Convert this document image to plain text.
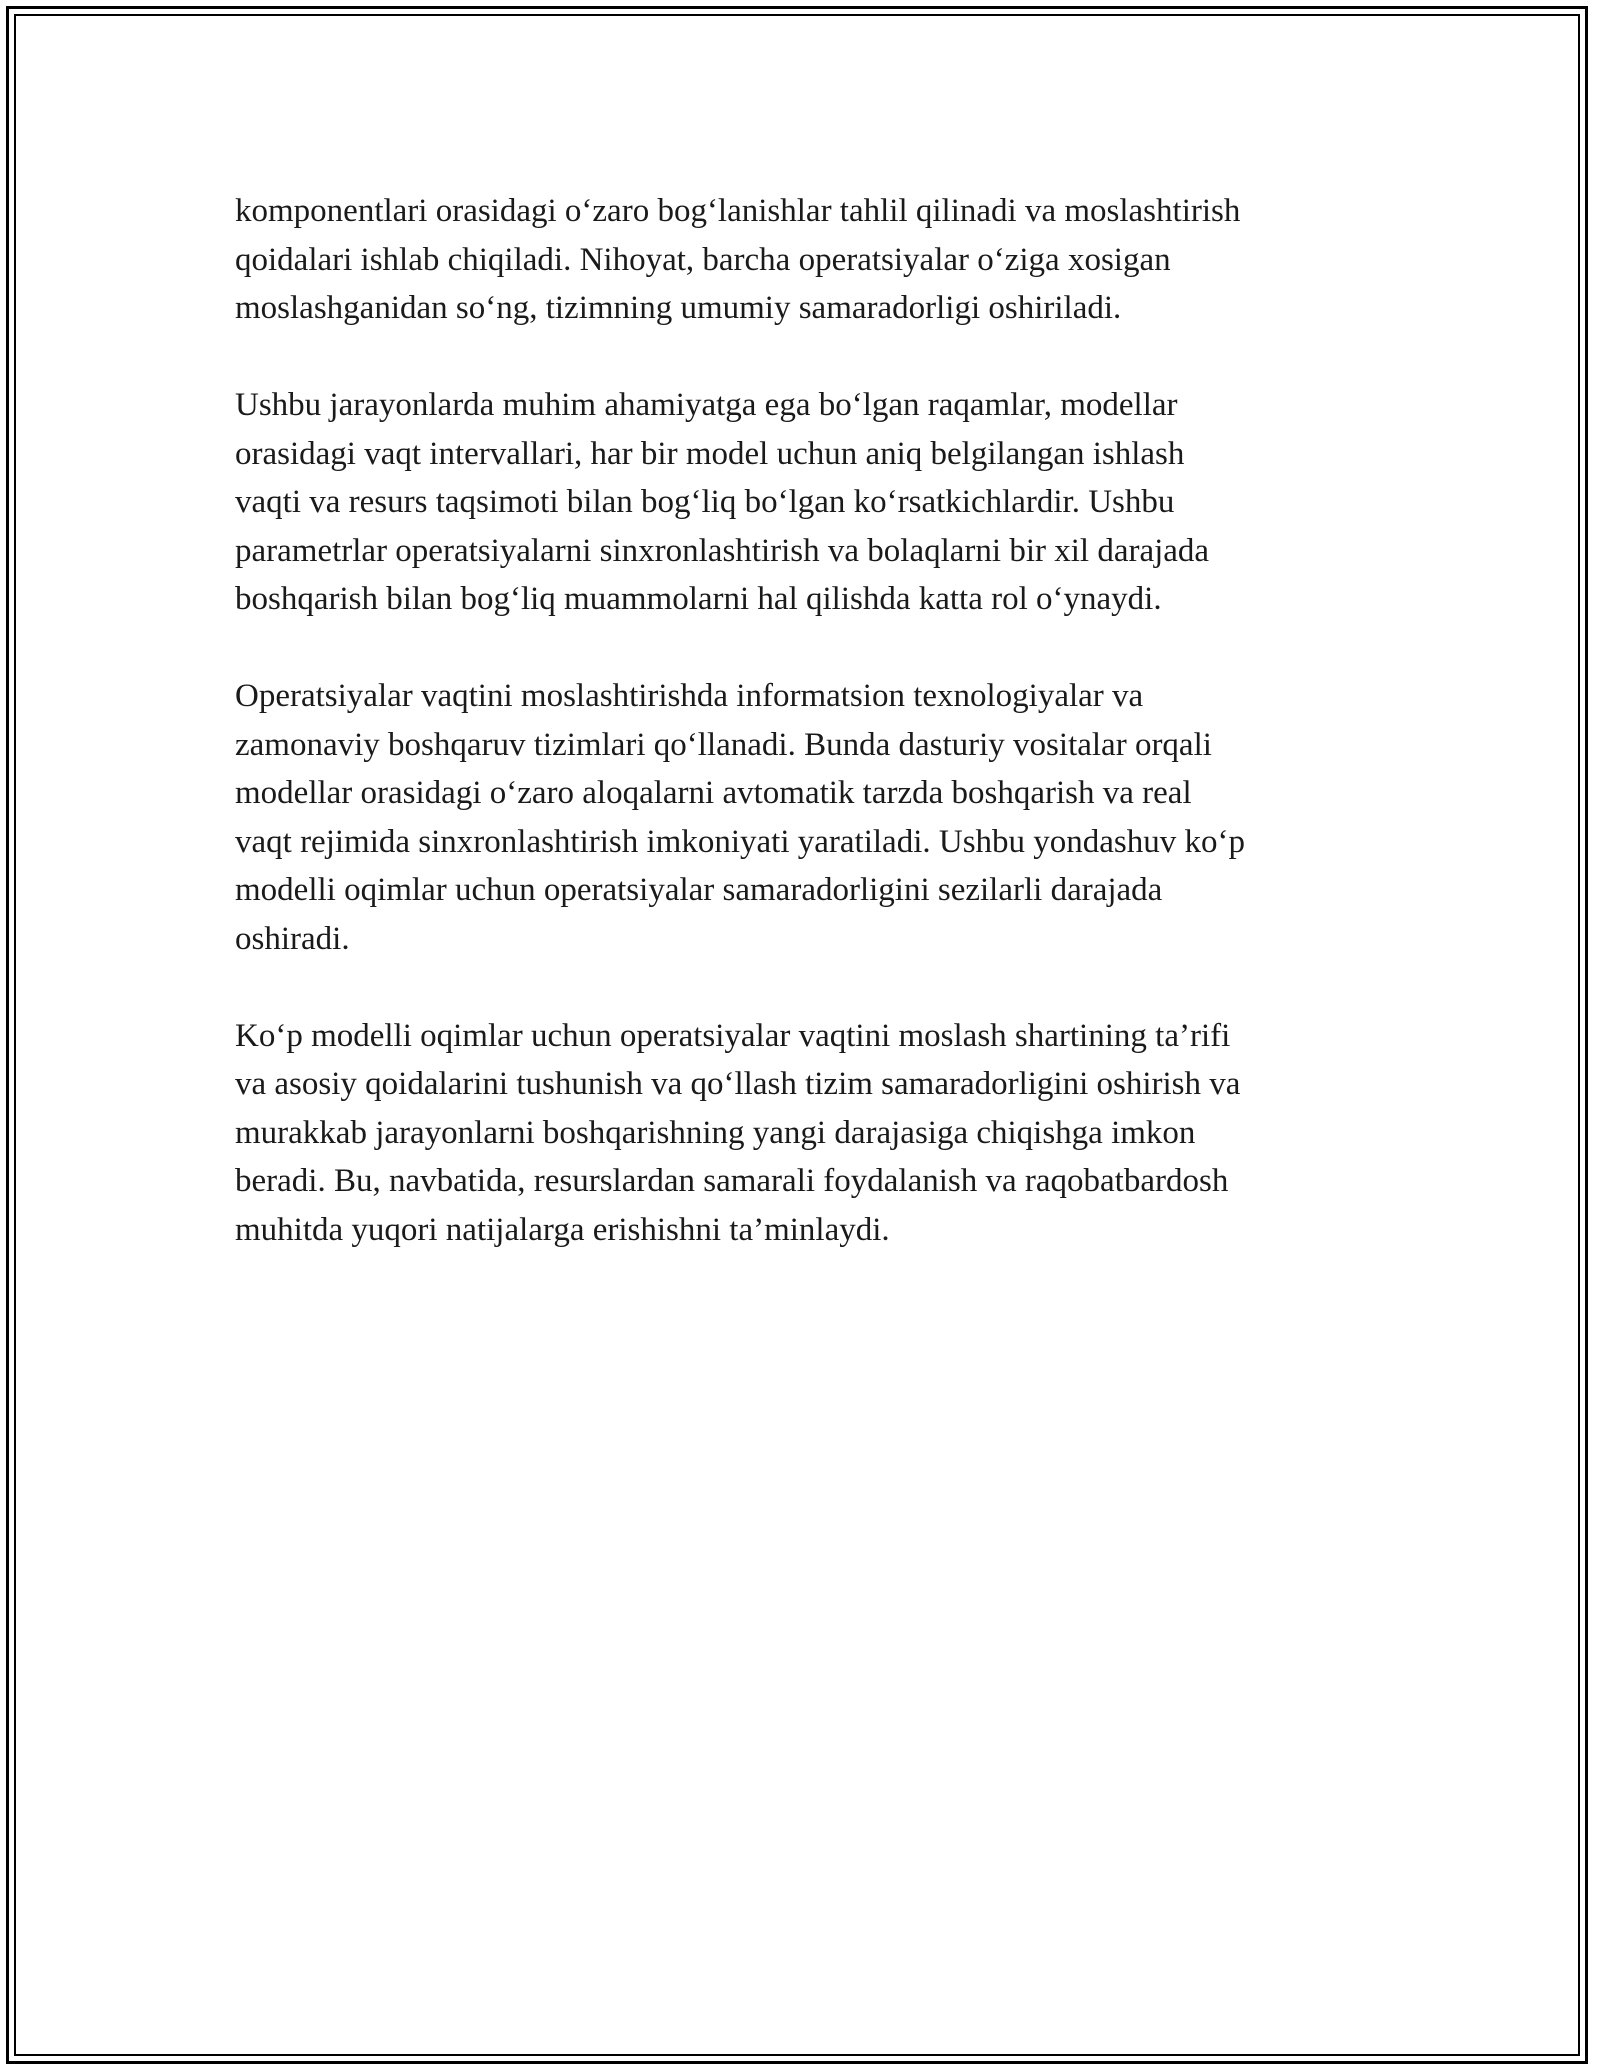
komponentlari orasidagi o‘zaro bog‘lanishlar tahlil qilinadi va moslashtirish
qoidalari ishlab chiqiladi. Nihoyat, barcha operatsiyalar o‘ziga xosigan
moslashganidan so‘ng, tizimning umumiy samaradorligi oshiriladi.

Ushbu jarayonlarda muhim ahamiyatga ega bo‘lgan raqamlar, modellar
orasidagi vaqt intervallari, har bir model uchun aniq belgilangan ishlash
vaqti va resurs taqsimoti bilan bog‘liq bo‘lgan ko‘rsatkichlardir. Ushbu
parametrlar operatsiyalarni sinxronlashtirish va bolaqlarni bir xil darajada
boshqarish bilan bog‘liq muammolarni hal qilishda katta rol o‘ynaydi.

Operatsiyalar vaqtini moslashtirishda informatsion texnologiyalar va
zamonaviy boshqaruv tizimlari qo‘llanadi. Bunda dasturiy vositalar orqali
modellar orasidagi o‘zaro aloqalarni avtomatik tarzda boshqarish va real
vaqt rejimida sinxronlashtirish imkoniyati yaratiladi. Ushbu yondashuv ko‘p
modelli oqimlar uchun operatsiyalar samaradorligini sezilarli darajada
oshiradi.

Ko‘p modelli oqimlar uchun operatsiyalar vaqtini moslash shartining ta’rifi
va asosiy qoidalarini tushunish va qo‘llash tizim samaradorligini oshirish va
murakkab jarayonlarni boshqarishning yangi darajasiga chiqishga imkon
beradi. Bu, navbatida, resurslardan samarali foydalanish va raqobatbardosh
muhitda yuqori natijalarga erishishni ta’minlaydi.
